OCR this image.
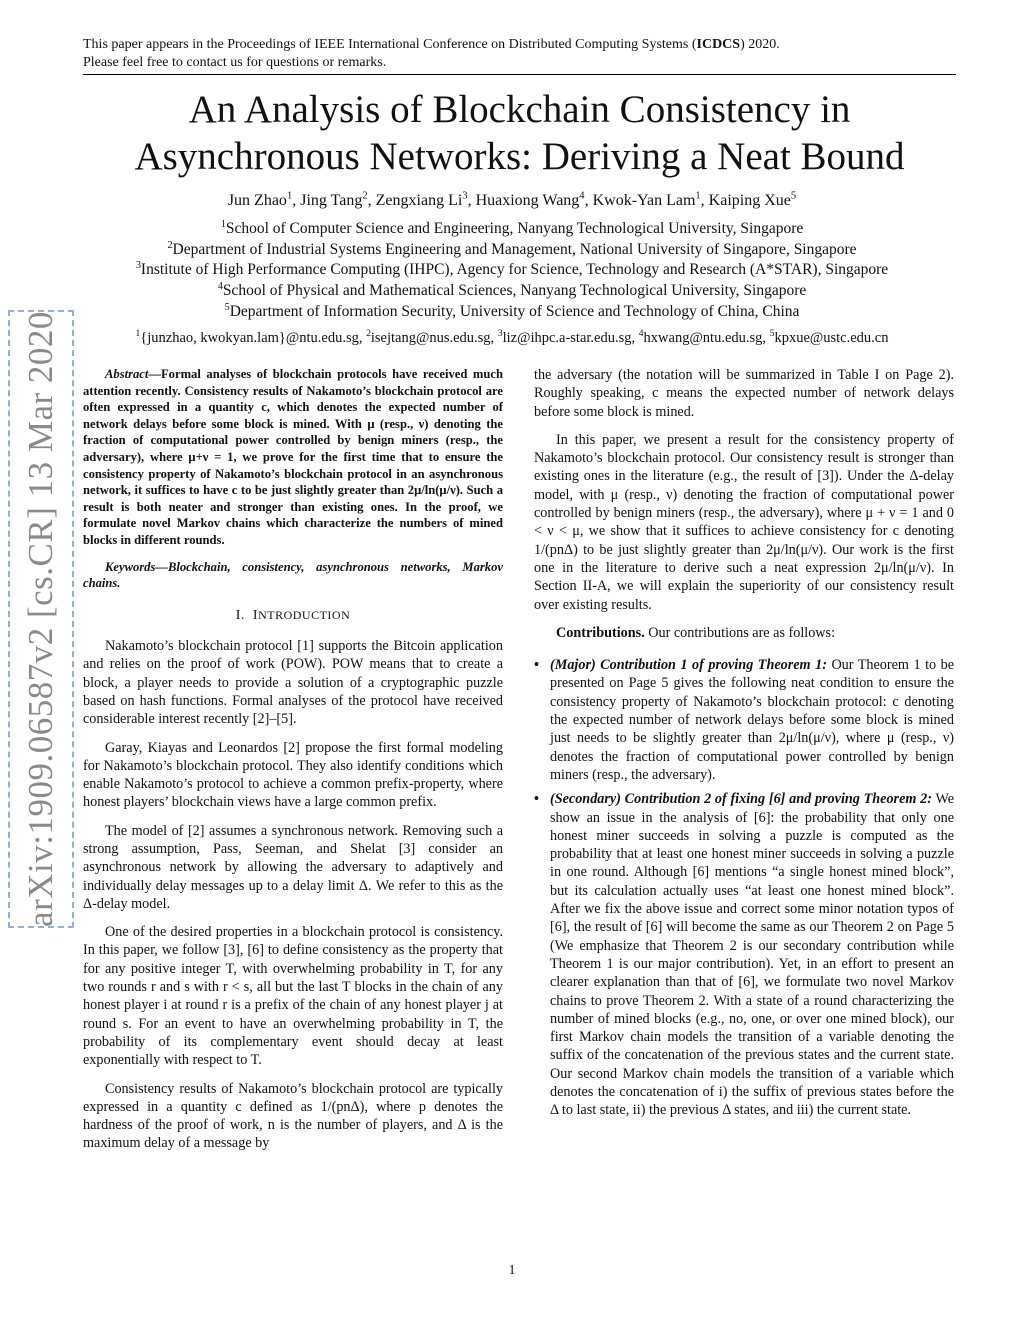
This paper appears in the Proceedings of IEEE International Conference on Distributed Computing Systems (ICDCS) 2020.
Please feel free to contact us for questions or remarks.
An Analysis of Blockchain Consistency in Asynchronous Networks: Deriving a Neat Bound
Jun Zhao$^1$, Jing Tang$^2$, Zengxiang Li$^3$, Huaxiong Wang$^4$, Kwok-Yan Lam$^1$, Kaiping Xue$^5$
$^1$School of Computer Science and Engineering, Nanyang Technological University, Singapore
$^2$Department of Industrial Systems Engineering and Management, National University of Singapore, Singapore
$^3$Institute of High Performance Computing (IHPC), Agency for Science, Technology and Research (A*STAR), Singapore
$^4$School of Physical and Mathematical Sciences, Nanyang Technological University, Singapore
$^5$Department of Information Security, University of Science and Technology of China, China
$^1${junzhao, kwokyan.lam}@ntu.edu.sg, $^2$isejtang@nus.edu.sg, $^3$liz@ihpc.a-star.edu.sg, $^4$hxwang@ntu.edu.sg, $^5$kpxue@ustc.edu.cn
arXiv:1909.06587v2 [cs.CR] 13 Mar 2020	Abstract—Formal analyses of blockchain protocols have received much attention recently. Consistency results of Nakamoto’s blockchain protocol are often expressed in a quantity c, which denotes the expected number of network delays before some block is mined. With μ (resp., ν) denoting the fraction of computational power controlled by benign miners (resp., the adversary), where μ+ν = 1, we prove for the first time that to ensure the consistency property of Nakamoto’s blockchain protocol in an asynchronous network, it suffices to have c to be just slightly greater than 2μ/ln(μ/ν). Such a result is both neater and stronger than existing ones. In the proof, we formulate novel Markov chains which characterize the numbers of mined blocks in different rounds.
Keywords—Blockchain, consistency, asynchronous networks, Markov chains.
I. INTRODUCTION

Nakamoto’s blockchain protocol [1] supports the Bitcoin application and relies on the proof of work (POW). POW means that to create a block, a player needs to provide a solution of a cryptographic puzzle based on hash functions. Formal analyses of the protocol have received considerable interest recently [2]–[5].

Garay, Kiayas and Leonardos [2] propose the first formal modeling for Nakamoto’s blockchain protocol. They also identify conditions which enable Nakamoto’s protocol to achieve a common prefix-property, where honest players’ blockchain views have a large common prefix.

The model of [2] assumes a synchronous network. Removing such a strong assumption, Pass, Seeman, and Shelat [3] consider an asynchronous network by allowing the adversary to adaptively and individually delay messages up to a delay limit Δ. We refer to this as the Δ-delay model.

One of the desired properties in a blockchain protocol is consistency. In this paper, we follow [3], [6] to define consistency as the property that for any positive integer T, with overwhelming probability in T, for any two rounds r and s with r < s, all but the last T blocks in the chain of any honest player i at round r is a prefix of the chain of any honest player j at round s. For an event to have an overwhelming probability in T, the probability of its complementary event should decay at least exponentially with respect to T.

Consistency results of Nakamoto’s blockchain protocol are typically expressed in a quantity c defined as 1/(pnΔ), where p denotes the hardness of the proof of work, n is the number of players, and Δ is the maximum delay of a message by

the adversary (the notation will be summarized in Table I on Page 2). Roughly speaking, c means the expected number of network delays before some block is mined.

In this paper, we present a result for the consistency property of Nakamoto’s blockchain protocol. Our consistency result is stronger than existing ones in the literature (e.g., the result of [3]). Under the Δ-delay model, with μ (resp., ν) denoting the fraction of computational power controlled by benign miners (resp., the adversary), where μ + ν = 1 and 0 < ν < μ, we show that it suffices to achieve consistency for c denoting 1/(pnΔ) to be just slightly greater than 2μ/ln(μ/ν). Our work is the first one in the literature to derive such a neat expression 2μ/ln(μ/ν). In Section II-A, we will explain the superiority of our consistency result over existing results.

Contributions. Our contributions are as follows:

• (Major) Contribution 1 of proving Theorem 1: Our Theorem 1 to be presented on Page 5 gives the following neat condition to ensure the consistency property of Nakamoto’s blockchain protocol: c denoting the expected number of network delays before some block is mined just needs to be slightly greater than 2μ/ln(μ/ν), where μ (resp., ν) denotes the fraction of computational power controlled by benign miners (resp., the adversary).
• (Secondary) Contribution 2 of fixing [6] and proving Theorem 2: We show an issue in the analysis of [6]: the probability that only one honest miner succeeds in solving a puzzle is computed as the probability that at least one honest miner succeeds in solving a puzzle in one round. Although [6] mentions “a single honest mined block”, but its calculation actually uses “at least one honest mined block”. After we fix the above issue and correct some minor notation typos of [6], the result of [6] will become the same as our Theorem 2 on Page 5 (We emphasize that Theorem 2 is our secondary contribution while Theorem 1 is our major contribution). Yet, in an effort to present an clearer explanation than that of [6], we formulate two novel Markov chains to prove Theorem 2. With a state of a round characterizing the number of mined blocks (e.g., no, one, or over one mined block), our first Markov chain models the transition of a variable denoting the suffix of the concatenation of the previous states and the current state. Our second Markov chain models the transition of a variable which denotes the concatenation of i) the suffix of previous states before the Δ to last state, ii) the previous Δ states, and iii) the current state.
1
